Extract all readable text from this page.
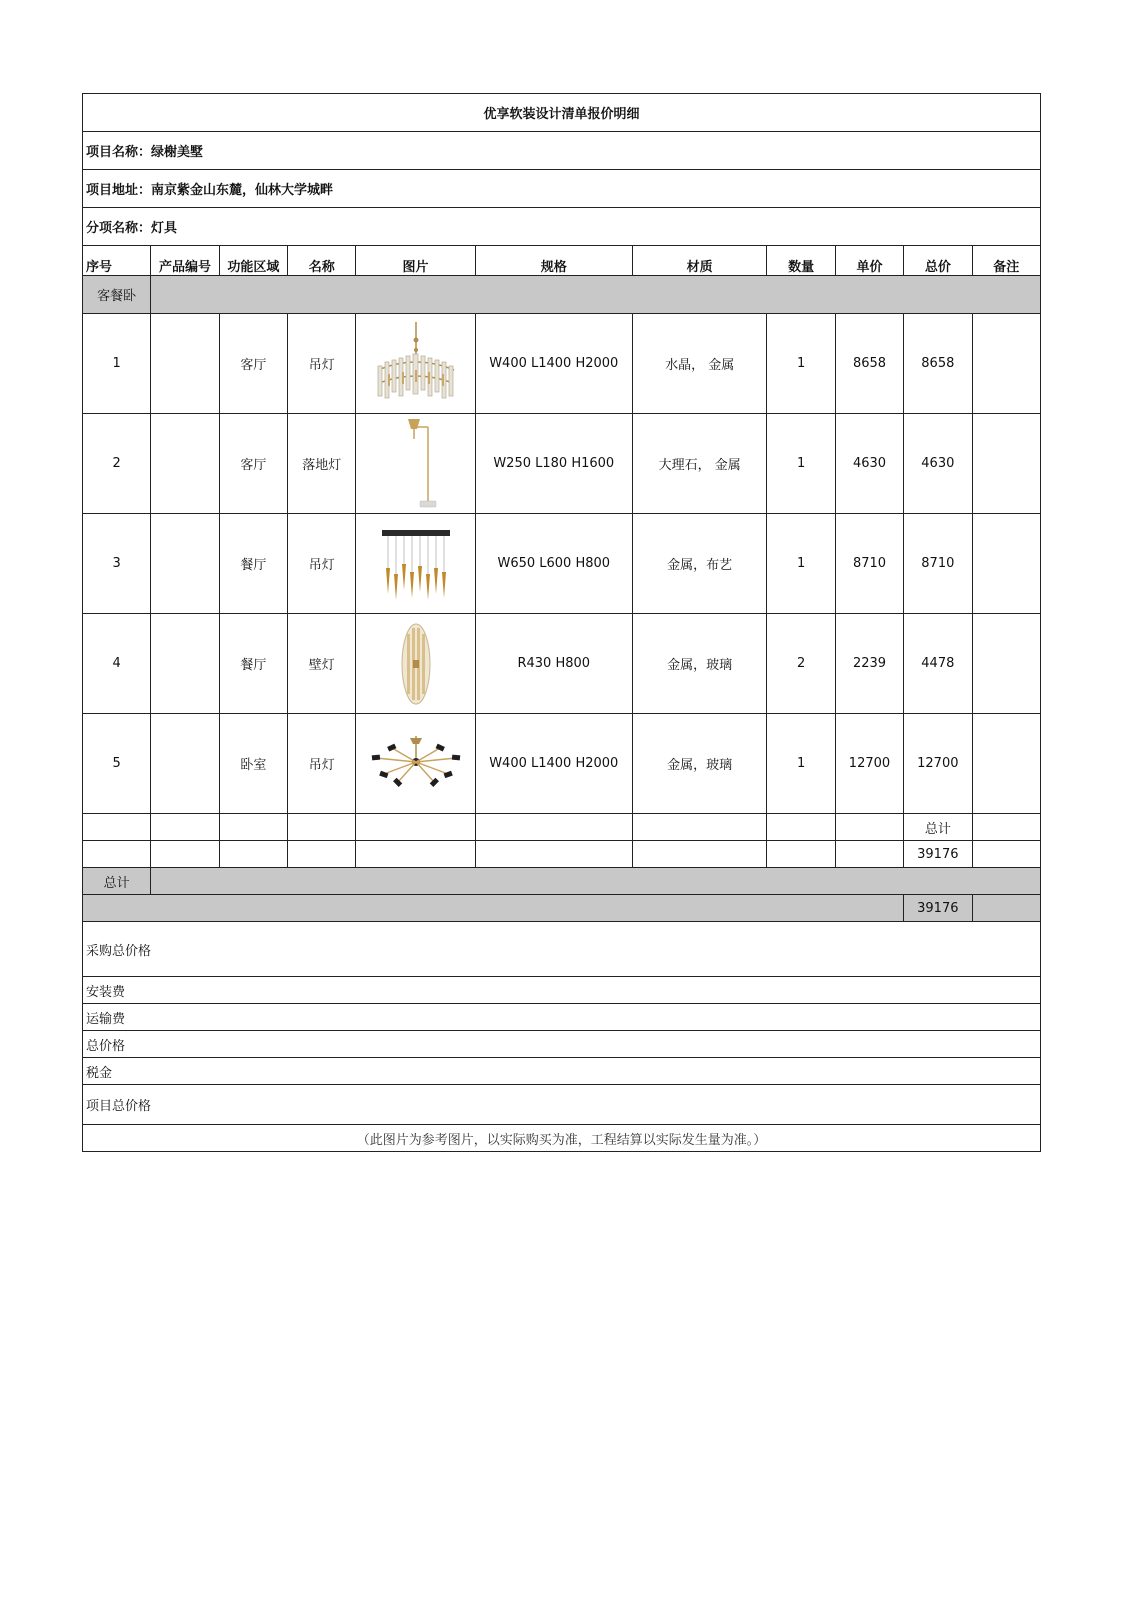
优享软装设计清单报价明细										
项目名称：绿榭美墅										
项目地址：南京紫金山东麓，仙林大学城畔										
分项名称：灯具										
序号	产品编号	功能区域	名称	图片	规格	材质	数量	单价	总价	备注
客餐卧										
1		客厅	吊灯		W400 L1400 H2000	水晶， 金属	1	8658	8658	
2		客厅	落地灯		W250 L180 H1600	大理石， 金属	1	4630	4630	
3		餐厅	吊灯		W650 L600 H800	金属，布艺	1	8710	8710	
4		餐厅	壁灯		R430 H800	金属，玻璃	2	2239	4478	
5		卧室	吊灯		W400 L1400 H2000	金属，玻璃	1	12700	12700	
									总计	
									39176	
总计										
									39176	
采购总价格										
安装费										
运输费										
总价格										
税金										
项目总价格										
（此图片为参考图片，以实际购买为准，工程结算以实际发生量为准。）										
